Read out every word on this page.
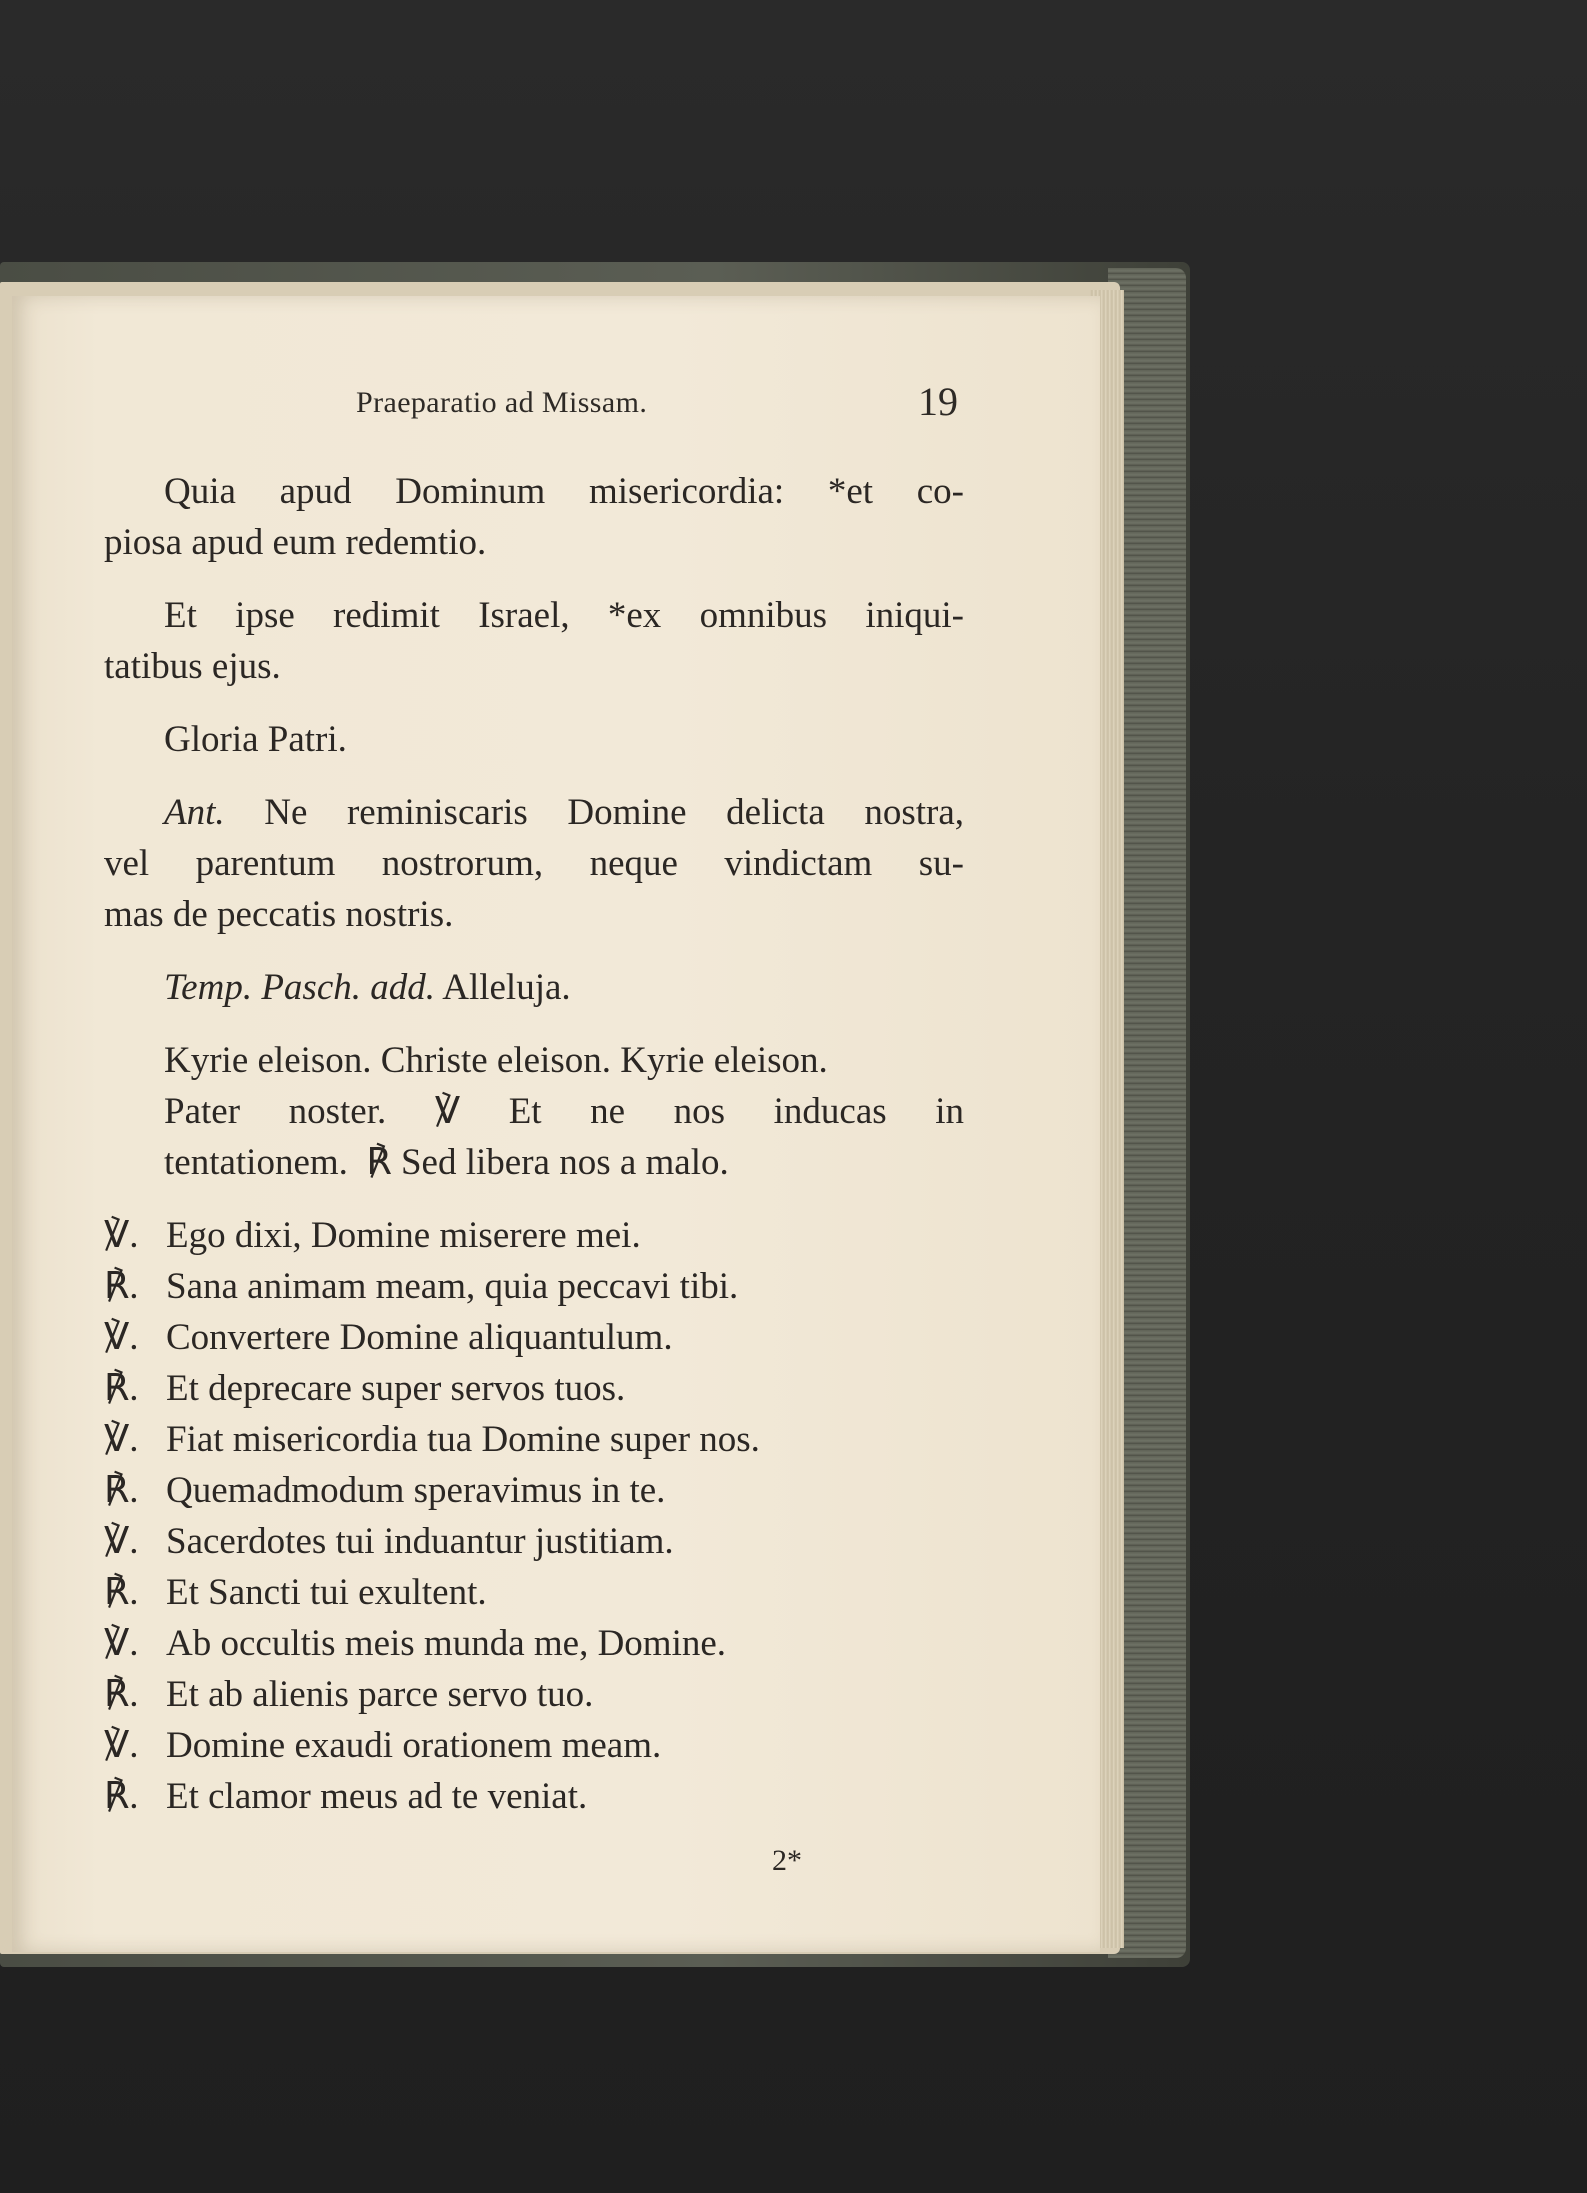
Praeparatio ad Missam.	19
Quia apud Dominum misericordia: *et co-
piosa apud eum redemtio.
Et ipse redimit Israel, *ex omnibus iniqui-
tatibus ejus.
Gloria Patri.
Ant. Ne reminiscaris Domine delicta nostra,
vel parentum nostrorum, neque vindictam su-
mas de peccatis nostris.
Temp. Pasch. add. Alleluja.
Kyrie eleison. Christe eleison. Kyrie eleison.
Pater noster. ℣ Et ne nos inducas in
tentationem. ℟ Sed libera nos a malo.
℣. Ego dixi, Domine miserere mei.
℟. Sana animam meam, quia peccavi tibi.
℣. Convertere Domine aliquantulum.
℟. Et deprecare super servos tuos.
℣. Fiat misericordia tua Domine super nos.
℟. Quemadmodum speravimus in te.
℣. Sacerdotes tui induantur justitiam.
℟. Et Sancti tui exultent.
℣. Ab occultis meis munda me, Domine.
℟. Et ab alienis parce servo tuo.
℣. Domine exaudi orationem meam.
℟. Et clamor meus ad te veniat.
2*
